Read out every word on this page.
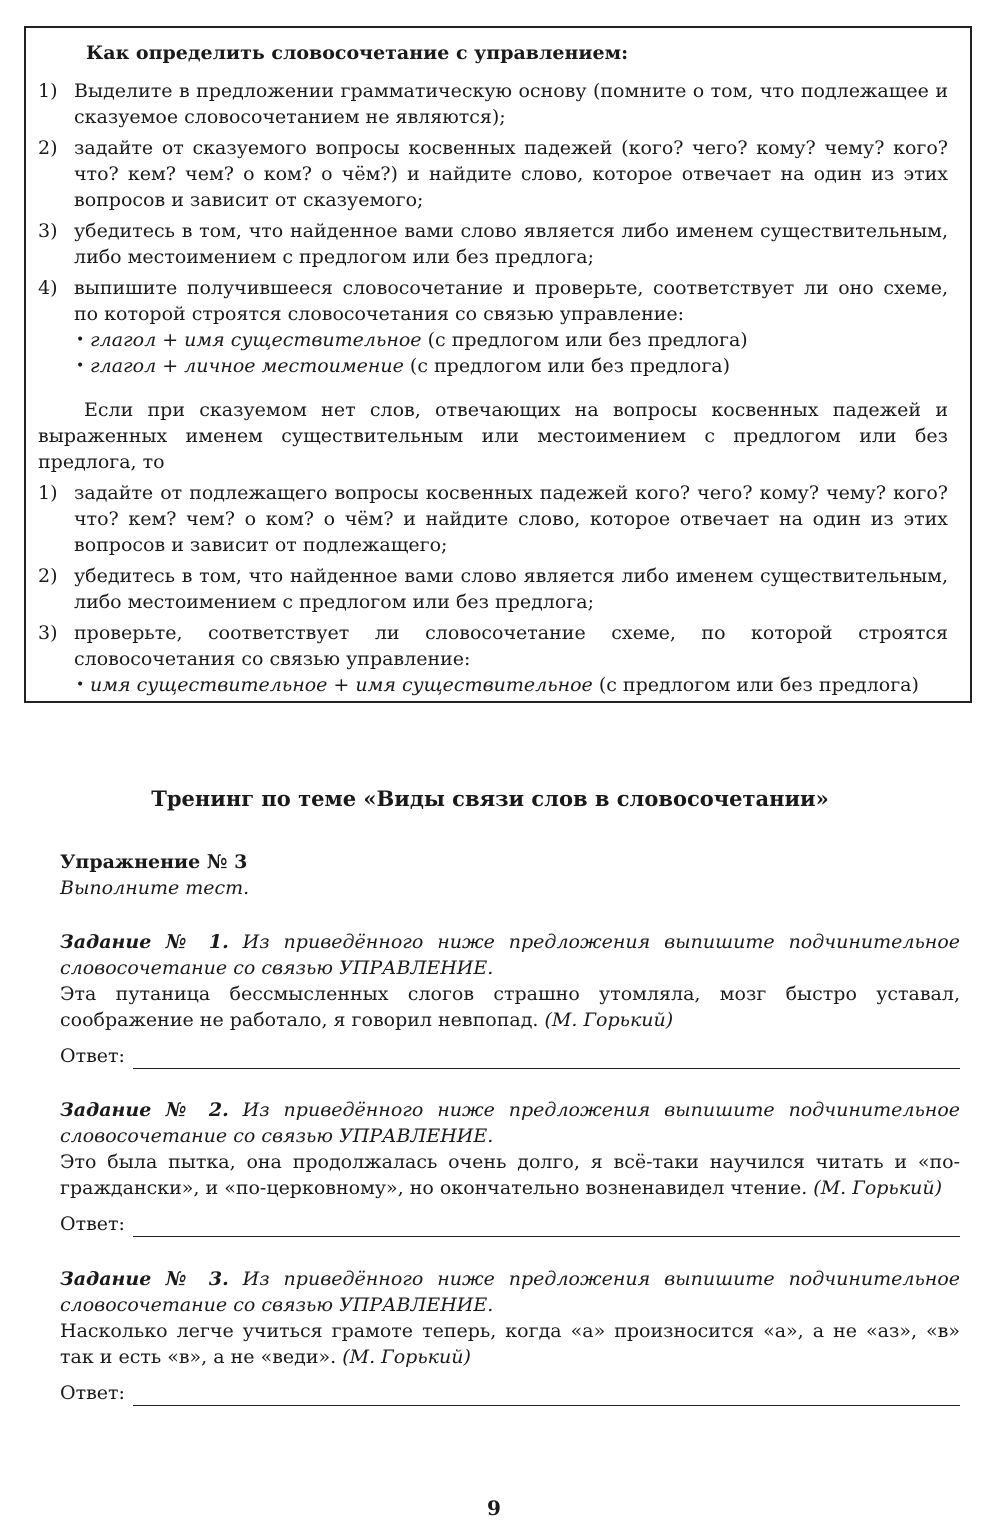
Как определить словосочетание с управлением:

1) Выделите в предложении грамматическую основу (помните о том, что подлежащее и сказуемое словосочетанием не являются);
2) задайте от сказуемого вопросы косвенных падежей (кого? чего? кому? чему? кого? что? кем? чем? о ком? о чём?) и найдите слово, которое отвечает на один из этих вопросов и зависит от сказуемого;
3) убедитесь в том, что найденное вами слово является либо именем существительным, либо местоимением с предлогом или без предлога;
4) выпишите получившееся словосочетание и проверьте, соответствует ли оно схеме, по которой строятся словосочетания со связью управление:
• глагол + имя существительное (с предлогом или без предлога)
• глагол + личное местоимение (с предлогом или без предлога)

Если при сказуемом нет слов, отвечающих на вопросы косвенных падежей и выраженных именем существительным или местоимением с предлогом или без предлога, то

1) задайте от подлежащего вопросы косвенных падежей кого? чего? кому? чему? кого? что? кем? чем? о ком? о чём? и найдите слово, которое отвечает на один из этих вопросов и зависит от подлежащего;
2) убедитесь в том, что найденное вами слово является либо именем существительным, либо местоимением с предлогом или без предлога;
3) проверьте, соответствует ли словосочетание схеме, по которой строятся словосочетания со связью управление:
• имя существительное + имя существительное (с предлогом или без предлога)
Тренинг по теме «Виды связи слов в словосочетании»

Упражнение № 3

Выполните тест.

Задание № 1. Из приведённого ниже предложения выпишите подчинительное словосочетание со связью УПРАВЛЕНИЕ.

Эта путаница бессмысленных слогов страшно утомляла, мозг быстро уставал, соображение не работало, я говорил невпопад. (М. Горький)

Ответ:

Задание № 2. Из приведённого ниже предложения выпишите подчинительное словосочетание со связью УПРАВЛЕНИЕ.

Это была пытка, она продолжалась очень долго, я всё-таки научился читать и «по-граждански», и «по-церковному», но окончательно возненавидел чтение. (М. Горький)

Ответ:

Задание № 3. Из приведённого ниже предложения выпишите подчинительное словосочетание со связью УПРАВЛЕНИЕ.

Насколько легче учиться грамоте теперь, когда «а» произносится «а», а не «аз», «в» так и есть «в», а не «веди». (М. Горький)

Ответ:
9
